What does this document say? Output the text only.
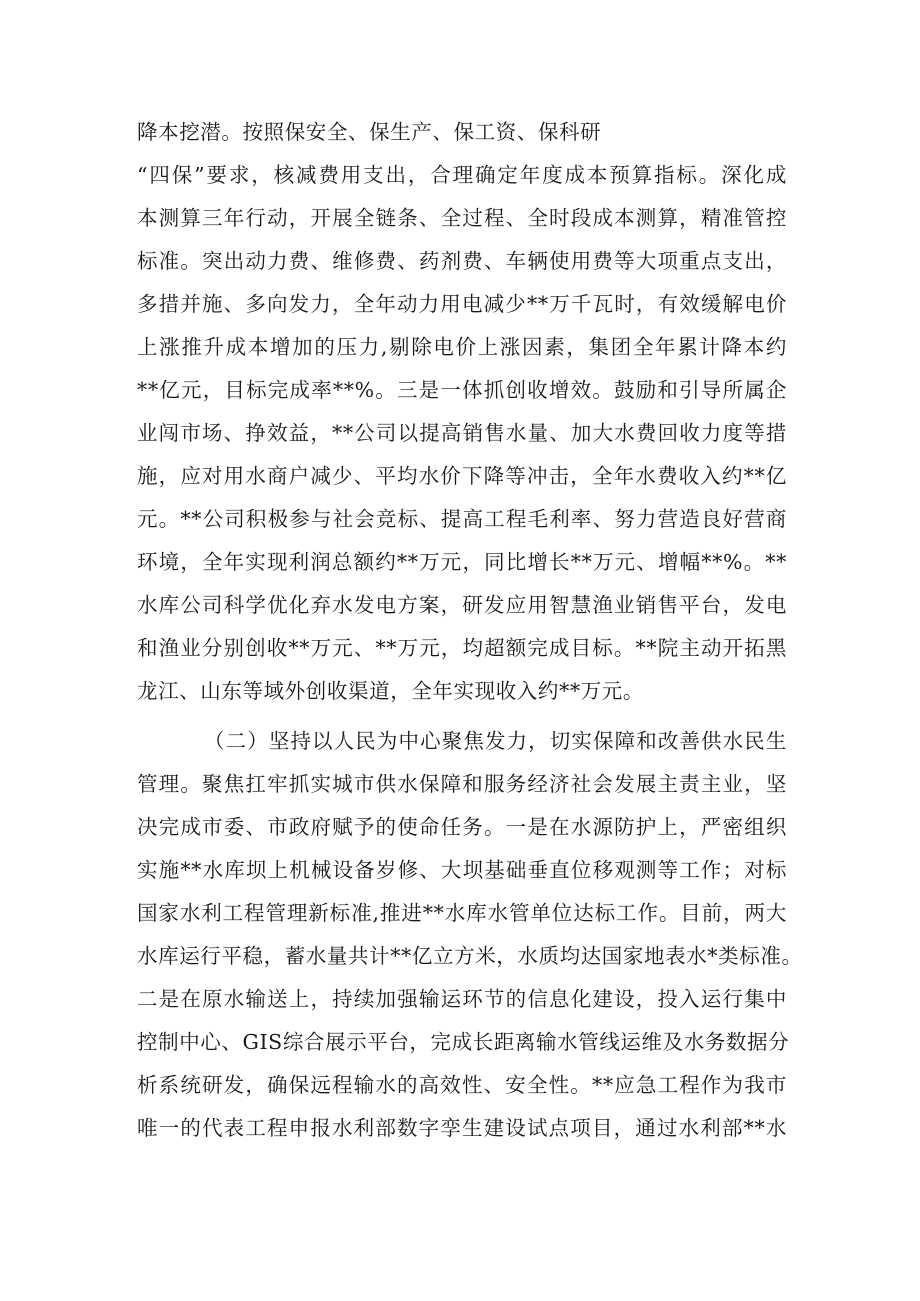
降本挖潜。按照保安全、保生产、保工资、保科研
“四保”要求，核减费用支出，合理确定年度成本预算指标。深化成
本测算三年行动，开展全链条、全过程、全时段成本测算，精准管控
标准。突出动力费、维修费、药剂费、车辆使用费等大项重点支出，
多措并施、多向发力，全年动力用电减少**万千瓦时，有效缓解电价
上涨推升成本增加的压力,剔除电价上涨因素，集团全年累计降本约
**亿元，目标完成率**%。三是一体抓创收增效。鼓励和引导所属企
业闯市场、挣效益，**公司以提高销售水量、加大水费回收力度等措
施，应对用水商户减少、平均水价下降等冲击，全年水费收入约**亿
元。**公司积极参与社会竞标、提高工程毛利率、努力营造良好营商
环境，全年实现利润总额约**万元，同比增长**万元、增幅**%。**
水库公司科学优化弃水发电方案，研发应用智慧渔业销售平台，发电
和渔业分别创收**万元、**万元，均超额完成目标。**院主动开拓黑
龙江、山东等域外创收渠道，全年实现收入约**万元。
（二）坚持以人民为中心聚焦发力，切实保障和改善供水民生
管理。聚焦扛牢抓实城市供水保障和服务经济社会发展主责主业，坚
决完成市委、市政府赋予的使命任务。一是在水源防护上，严密组织
实施**水库坝上机械设备岁修、大坝基础垂直位移观测等工作；对标
国家水利工程管理新标准,推进**水库水管单位达标工作。目前，两大
水库运行平稳，蓄水量共计**亿立方米，水质均达国家地表水*类标准。
二是在原水输送上，持续加强输运环节的信息化建设，投入运行集中
控制中心、GIS综合展示平台，完成长距离输水管线运维及水务数据分
析系统研发，确保远程输水的高效性、安全性。**应急工程作为我市
唯一的代表工程申报水利部数字孪生建设试点项目，通过水利部**水
